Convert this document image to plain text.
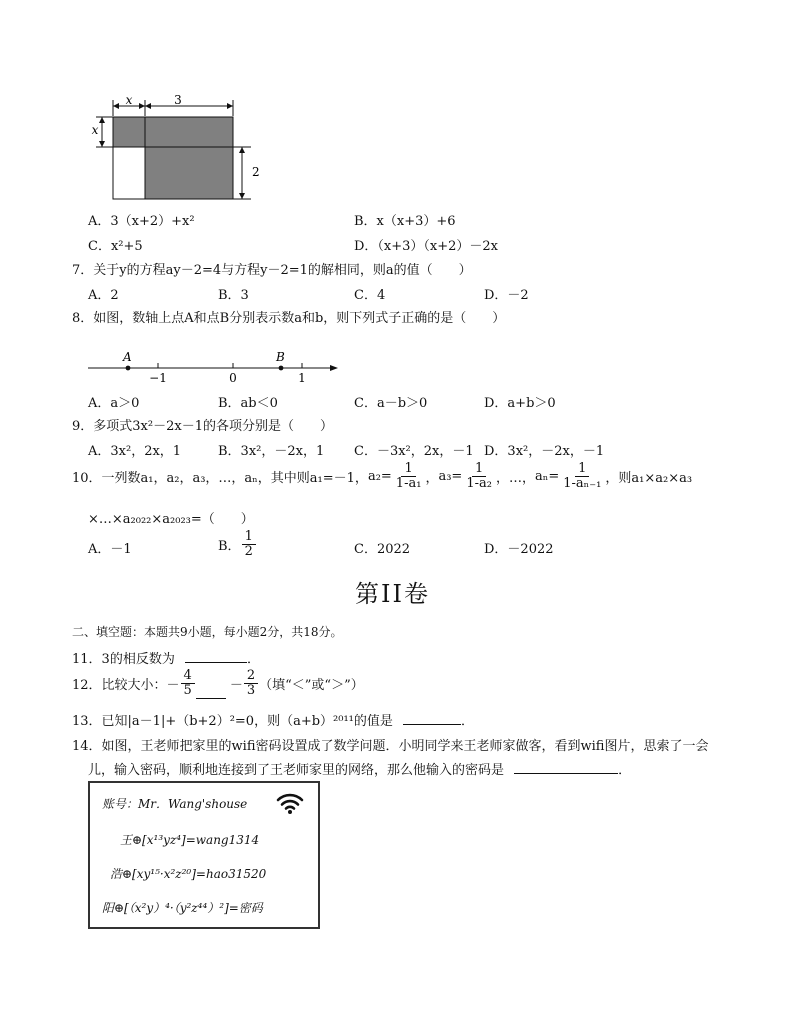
x	3
x
2
A．3（x+2）+x²	B．x（x+3）+6
C．x²+5	D．（x+3）（x+2）－2x
7．关于y的方程ay－2=4与方程y－2=1的解相同，则a的值（　　）
A．2	B．3	C．4	D．－2
8．如图，数轴上点A和点B分别表示数a和b，则下列式子正确的是（　　）
A	B
−1	0	1
A．a＞0	B．ab＜0	C．a－b＞0	D．a+b＞0
9．多项式3x²－2x－1的各项分别是（　　）
A．3x²，2x，1	B．3x²，－2x，1 C．－3x²，2x，－1 D．3x²，－2x，－1
10．一列数a₁，a₂，a₃，…，aₙ，其中则a₁=－1， $a_2= \frac{1}{\text{1-a₁}}$ ， $a_3= \frac{1}{\text{1-a₂}}$ ，…， $a_n= \frac{1}{\text{1-aₙ₋₁}}$ ，则a₁×a₂×a₃
×…×a₂₀₂₂×a₂₀₂₃=（　　）
A．－1	B． $\frac{1}{2}$	C．2022	D．－2022
第II卷
二、填空题：本题共9小题，每小题2分，共18分。
11．3的相反数为	．
12．比较大小：－ $\frac{4}{5}$	－ $\frac{2}{3}$ （填“＜”或“＞”）
13．已知|a－1|+（b+2）²=0，则（a+b）²⁰¹¹的值是	．
14．如图，王老师把家里的wifi密码设置成了数学问题．小明同学来王老师家做客，看到wifi图片，思索了一会
儿，输入密码，顺利地连接到了王老师家里的网络，那么他输入的密码是	．
账号：Mr．Wang'shouse
王⊕[x¹³yz⁴]=wang1314
浩⊕[xy¹⁵·x²z²⁰]=hao31520
阳⊕[（x²y）⁴·（y²z⁴⁴）²]=密码
